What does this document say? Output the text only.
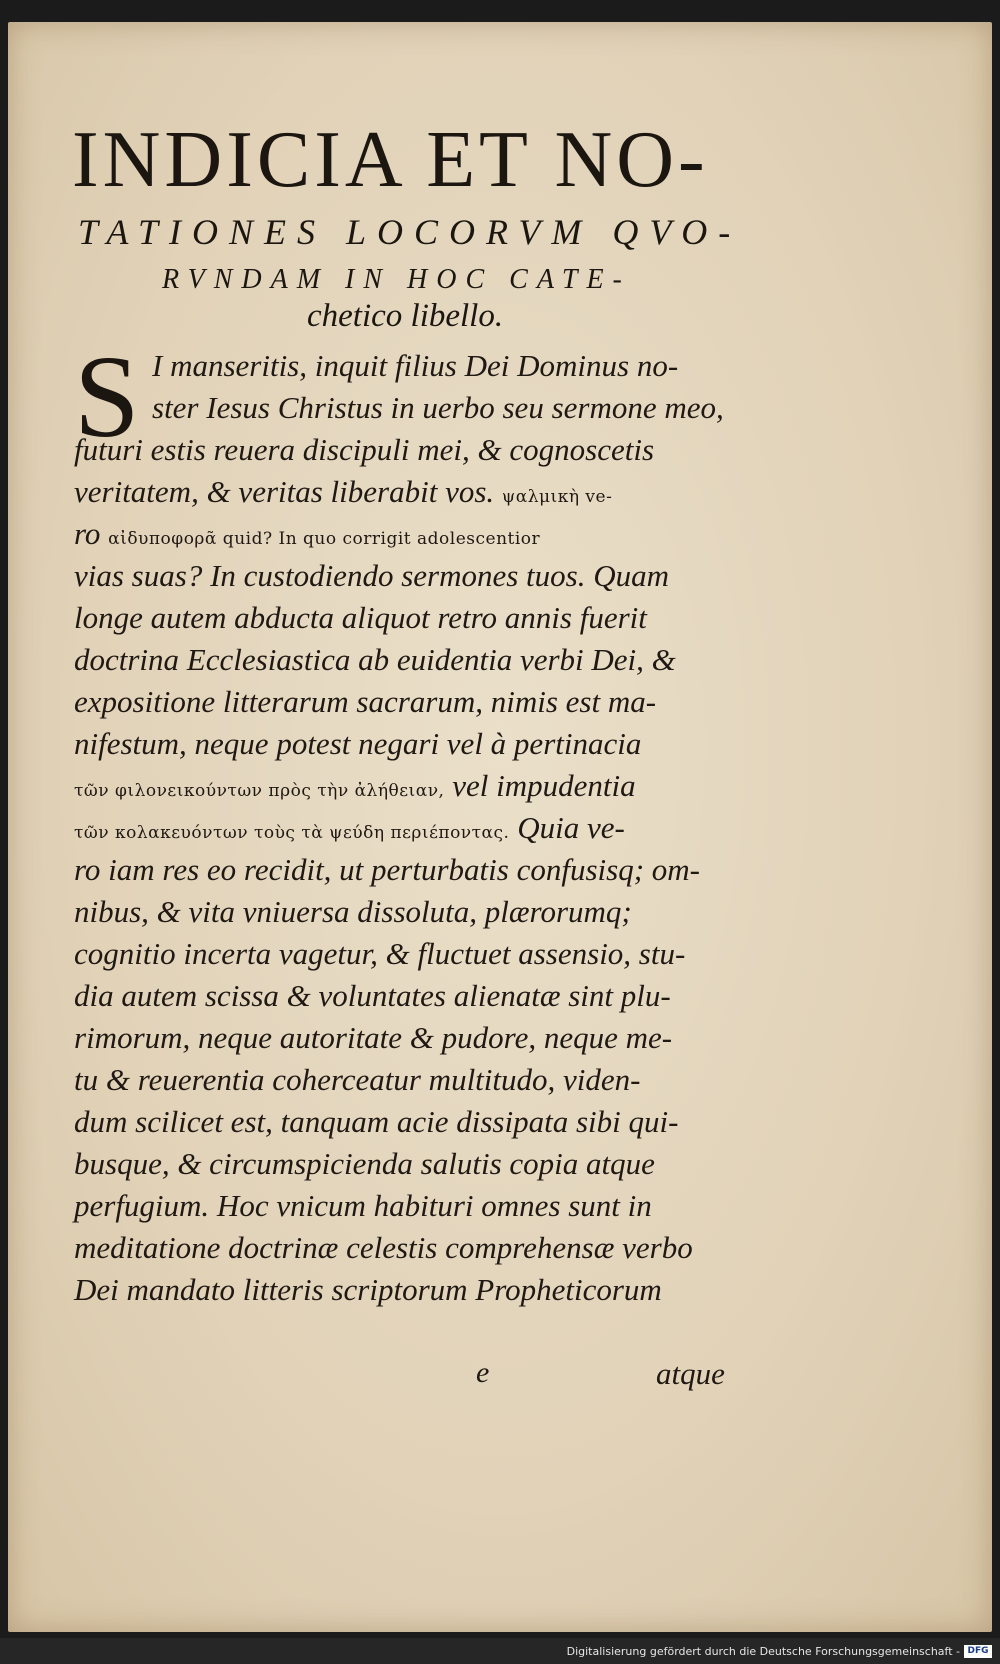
INDICIA ET NO-
TATIONES LOCORVM QVO-
RVNDAM IN HOC CATE-
chetico libello.
S I manseritis, inquit filius Dei Dominus no-
ster Iesus Christus in uerbo seu sermone meo,
futuri estis reuera discipuli mei, & cognoscetis
veritatem, & veritas liberabit vos. ψαλμικὴ ve-
ro αἰδυποφορᾶ quid? In quo corrigit adolescentior
vias suas? In custodiendo sermones tuos. Quam
longe autem abducta aliquot retro annis fuerit
doctrina Ecclesiastica ab euidentia verbi Dei, &
expositione litterarum sacrarum, nimis est ma-
nifestum, neque potest negari vel à pertinacia
τῶν φιλονεικούντων πρὸς τὴν ἀλήθειαν, vel impudentia
τῶν κολακευόντων τοὺς τὰ ψεύδη περιέποντας. Quia ve-
ro iam res eo recidit, ut perturbatis confusisq; om-
nibus, & vita vniuersa dissoluta, plærorumq;
cognitio incerta vagetur, & fluctuet assensio, stu-
dia autem scissa & voluntates alienatæ sint plu-
rimorum, neque autoritate & pudore, neque me-
tu & reuerentia coherceatur multitudo, viden-
dum scilicet est, tanquam acie dissipata sibi qui-
busque, & circumspicienda salutis copia atque
perfugium. Hoc vnicum habituri omnes sunt in
meditatione doctrinæ celestis comprehensæ verbo
Dei mandato litteris scriptorum Propheticorum
e	atque
Digitalisierung gefördert durch die Deutsche Forschungsgemeinschaft - DFG
